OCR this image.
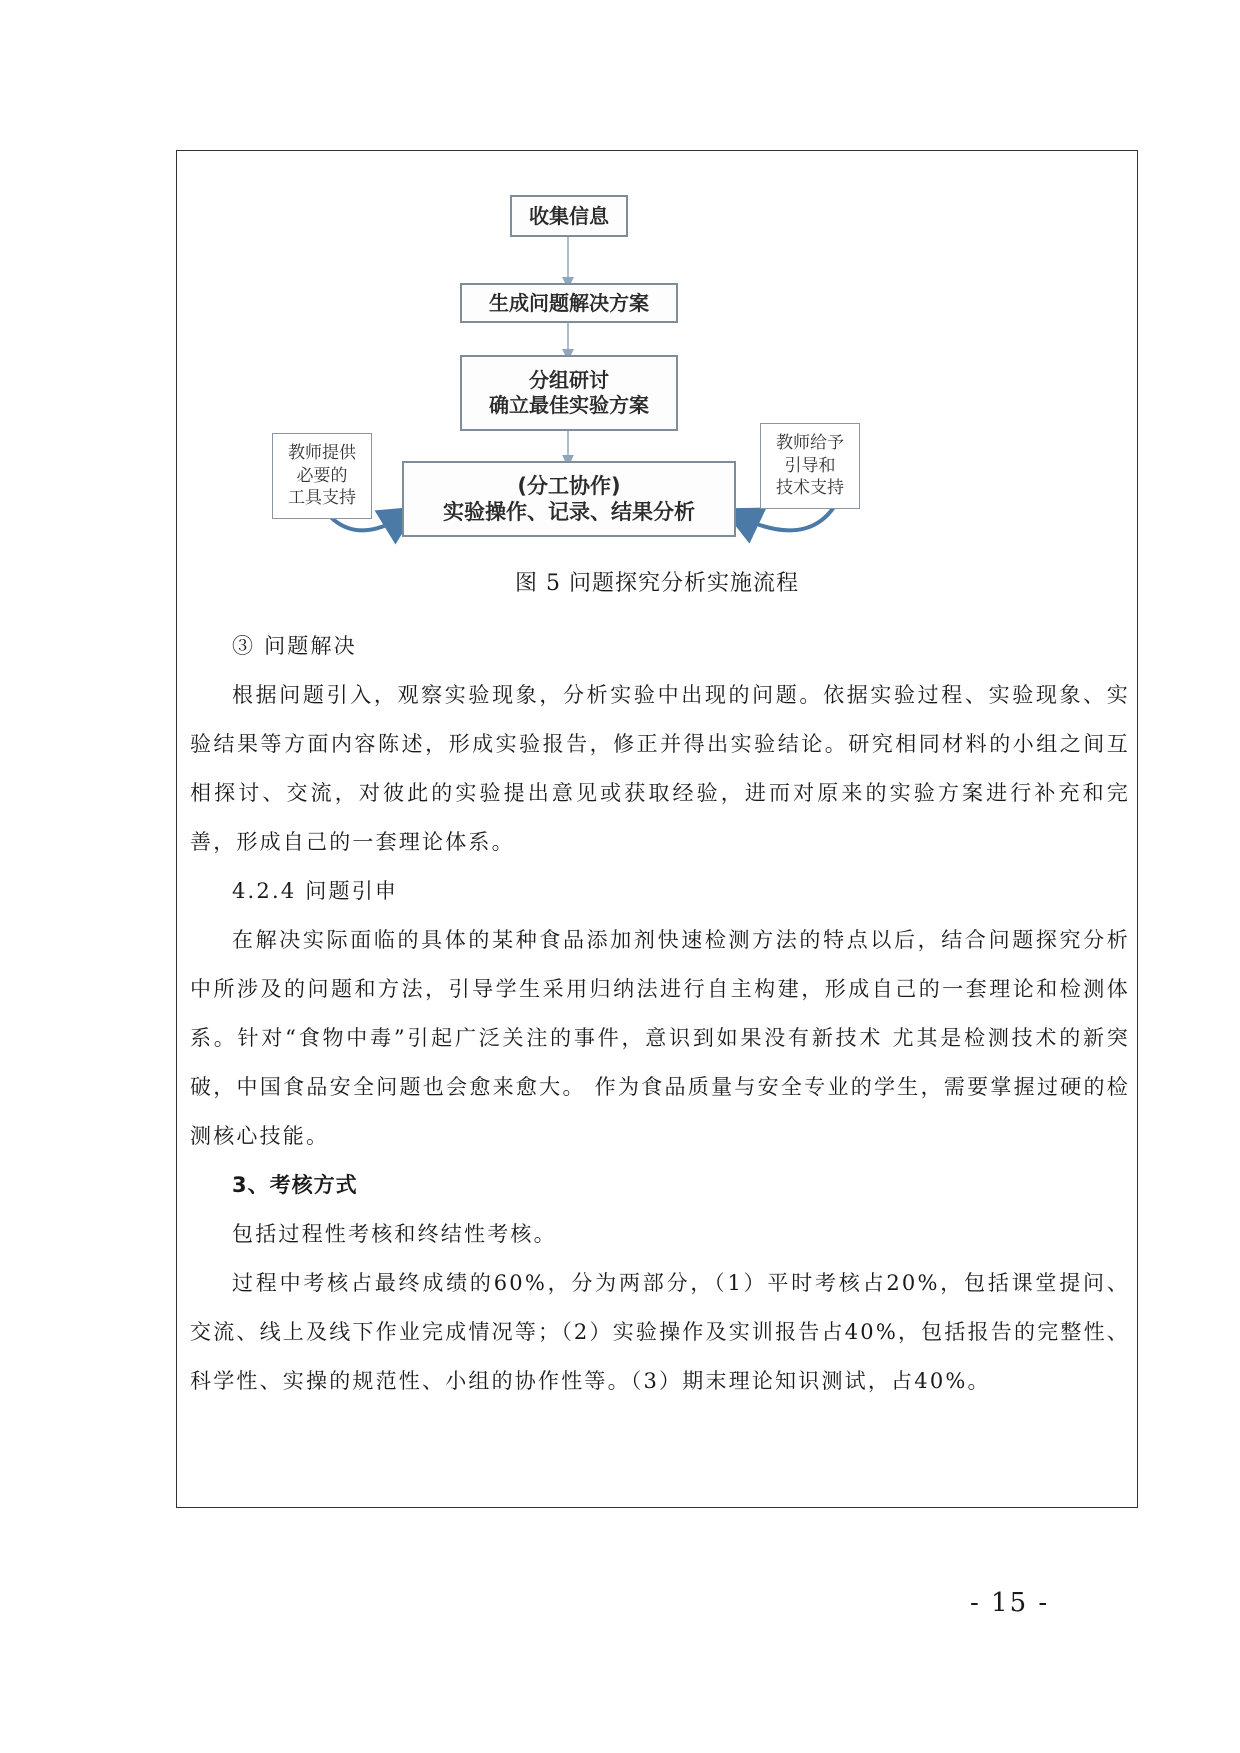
收集信息
生成问题解决方案
分组研讨
确立最佳实验方案
(分工协作)
实验操作、记录、结果分析
教师提供
必要的
工具支持
教师给予
引导和
技术支持
图 5 问题探究分析实施流程
③ 问题解决
根据问题引入，观察实验现象，分析实验中出现的问题。依据实验过程、实验现象、实验结果等方面内容陈述，形成实验报告，修正并得出实验结论。研究相同材料的小组之间互相探讨、交流，对彼此的实验提出意见或获取经验，进而对原来的实验方案进行补充和完善，形成自己的一套理论体系。
4.2.4 问题引申
在解决实际面临的具体的某种食品添加剂快速检测方法的特点以后，结合问题探究分析中所涉及的问题和方法，引导学生采用归纳法进行自主构建，形成自己的一套理论和检测体系。针对“食物中毒”引起广泛关注的事件，意识到如果没有新技术 尤其是检测技术的新突破，中国食品安全问题也会愈来愈大。 作为食品质量与安全专业的学生，需要掌握过硬的检测核心技能。
3、考核方式
包括过程性考核和终结性考核。
过程中考核占最终成绩的60%，分为两部分，（1）平时考核占20%，包括课堂提问、交流、线上及线下作业完成情况等；（2）实验操作及实训报告占40%，包括报告的完整性、科学性、实操的规范性、小组的协作性等。（3）期末理论知识测试，占40%。
- 15 -
